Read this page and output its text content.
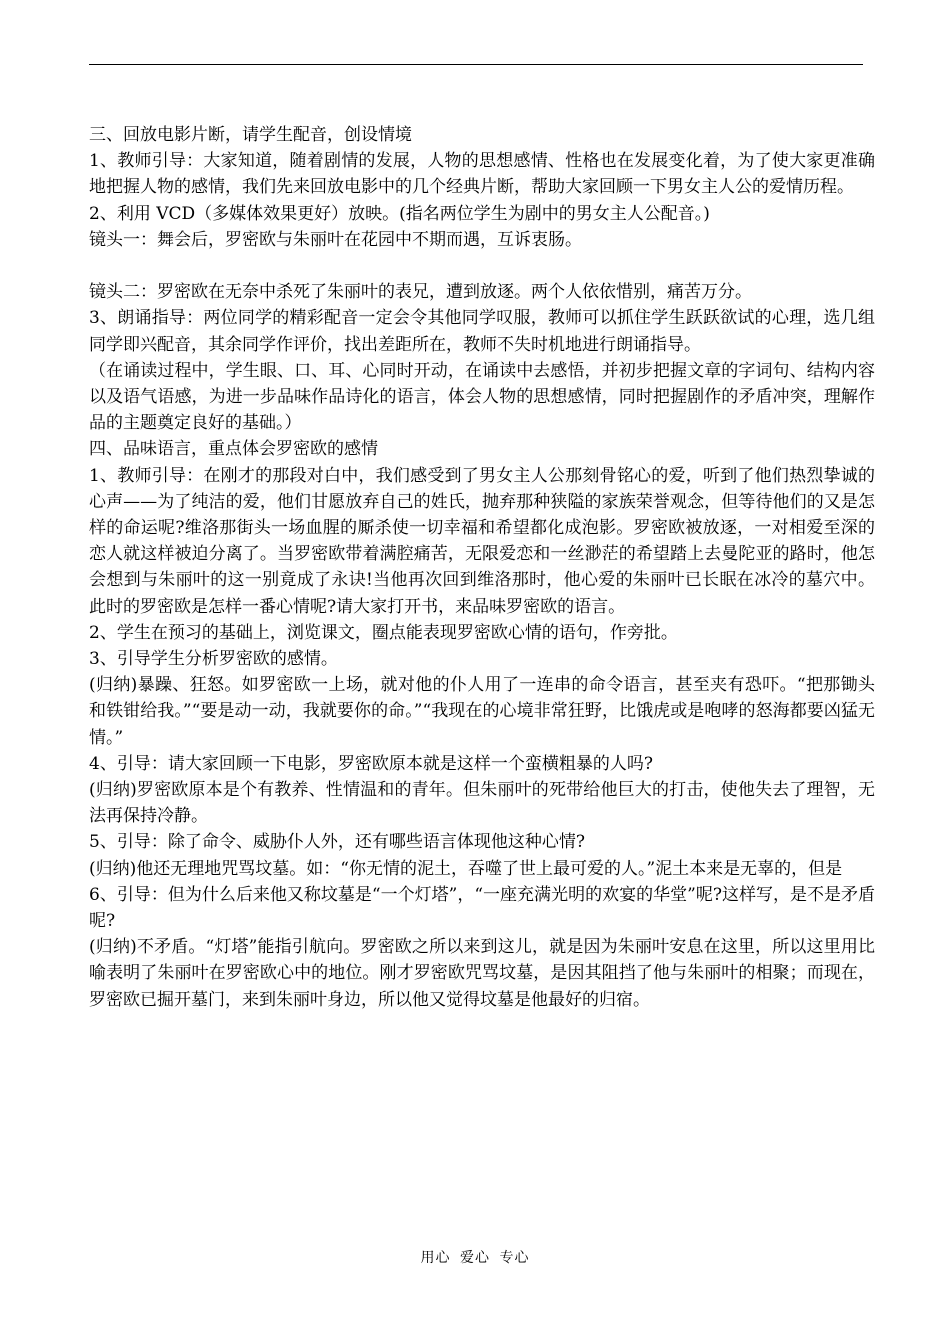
三、回放电影片断，请学生配音，创设情境

1、教师引导：大家知道，随着剧情的发展，人物的思想感情、性格也在发展变化着，为了使大家更准确地把握人物的感情，我们先来回放电影中的几个经典片断，帮助大家回顾一下男女主人公的爱情历程。

2、利用 VCD（多媒体效果更好）放映。(指名两位学生为剧中的男女主人公配音。)

镜头一：舞会后，罗密欧与朱丽叶在花园中不期而遇，互诉衷肠。

镜头二：罗密欧在无奈中杀死了朱丽叶的表兄，遭到放逐。两个人依依惜别，痛苦万分。

3、朗诵指导：两位同学的精彩配音一定会令其他同学叹服，教师可以抓住学生跃跃欲试的心理，选几组同学即兴配音，其余同学作评价，找出差距所在，教师不失时机地进行朗诵指导。

（在诵读过程中，学生眼、口、耳、心同时开动，在诵读中去感悟，并初步把握文章的字词句、结构内容以及语气语感，为进一步品味作品诗化的语言，体会人物的思想感情，同时把握剧作的矛盾冲突，理解作品的主题奠定良好的基础。）

四、品味语言，重点体会罗密欧的感情

1、教师引导：在刚才的那段对白中，我们感受到了男女主人公那刻骨铭心的爱，听到了他们热烈挚诚的心声——为了纯洁的爱，他们甘愿放弃自己的姓氏，抛弃那种狭隘的家族荣誉观念，但等待他们的又是怎样的命运呢?维洛那街头一场血腥的厮杀使一切幸福和希望都化成泡影。罗密欧被放逐，一对相爱至深的恋人就这样被迫分离了。当罗密欧带着满腔痛苦，无限爱恋和一丝渺茫的希望踏上去曼陀亚的路时，他怎会想到与朱丽叶的这一别竟成了永诀!当他再次回到维洛那时，他心爱的朱丽叶已长眠在冰冷的墓穴中。此时的罗密欧是怎样一番心情呢?请大家打开书，来品味罗密欧的语言。

2、学生在预习的基础上，浏览课文，圈点能表现罗密欧心情的语句，作旁批。

3、引导学生分析罗密欧的感情。

(归纳)暴躁、狂怒。如罗密欧一上场，就对他的仆人用了一连串的命令语言，甚至夹有恐吓。“把那锄头和铁钳给我。”“要是动一动，我就要你的命。”“我现在的心境非常狂野，比饿虎或是咆哮的怒海都要凶猛无情。”

4、引导：请大家回顾一下电影，罗密欧原本就是这样一个蛮横粗暴的人吗?

(归纳)罗密欧原本是个有教养、性情温和的青年。但朱丽叶的死带给他巨大的打击，使他失去了理智，无法再保持冷静。

5、引导：除了命令、威胁仆人外，还有哪些语言体现他这种心情?

(归纳)他还无理地咒骂坟墓。如：“你无情的泥土，吞噬了世上最可爱的人。”泥土本来是无辜的，但是

6、引导：但为什么后来他又称坟墓是“一个灯塔”，“一座充满光明的欢宴的华堂”呢?这样写，是不是矛盾呢?

(归纳)不矛盾。“灯塔”能指引航向。罗密欧之所以来到这儿，就是因为朱丽叶安息在这里，所以这里用比喻表明了朱丽叶在罗密欧心中的地位。刚才罗密欧咒骂坟墓，是因其阻挡了他与朱丽叶的相聚；而现在，罗密欧已掘开墓门，来到朱丽叶身边，所以他又觉得坟墓是他最好的归宿。

用心 爱心 专心
